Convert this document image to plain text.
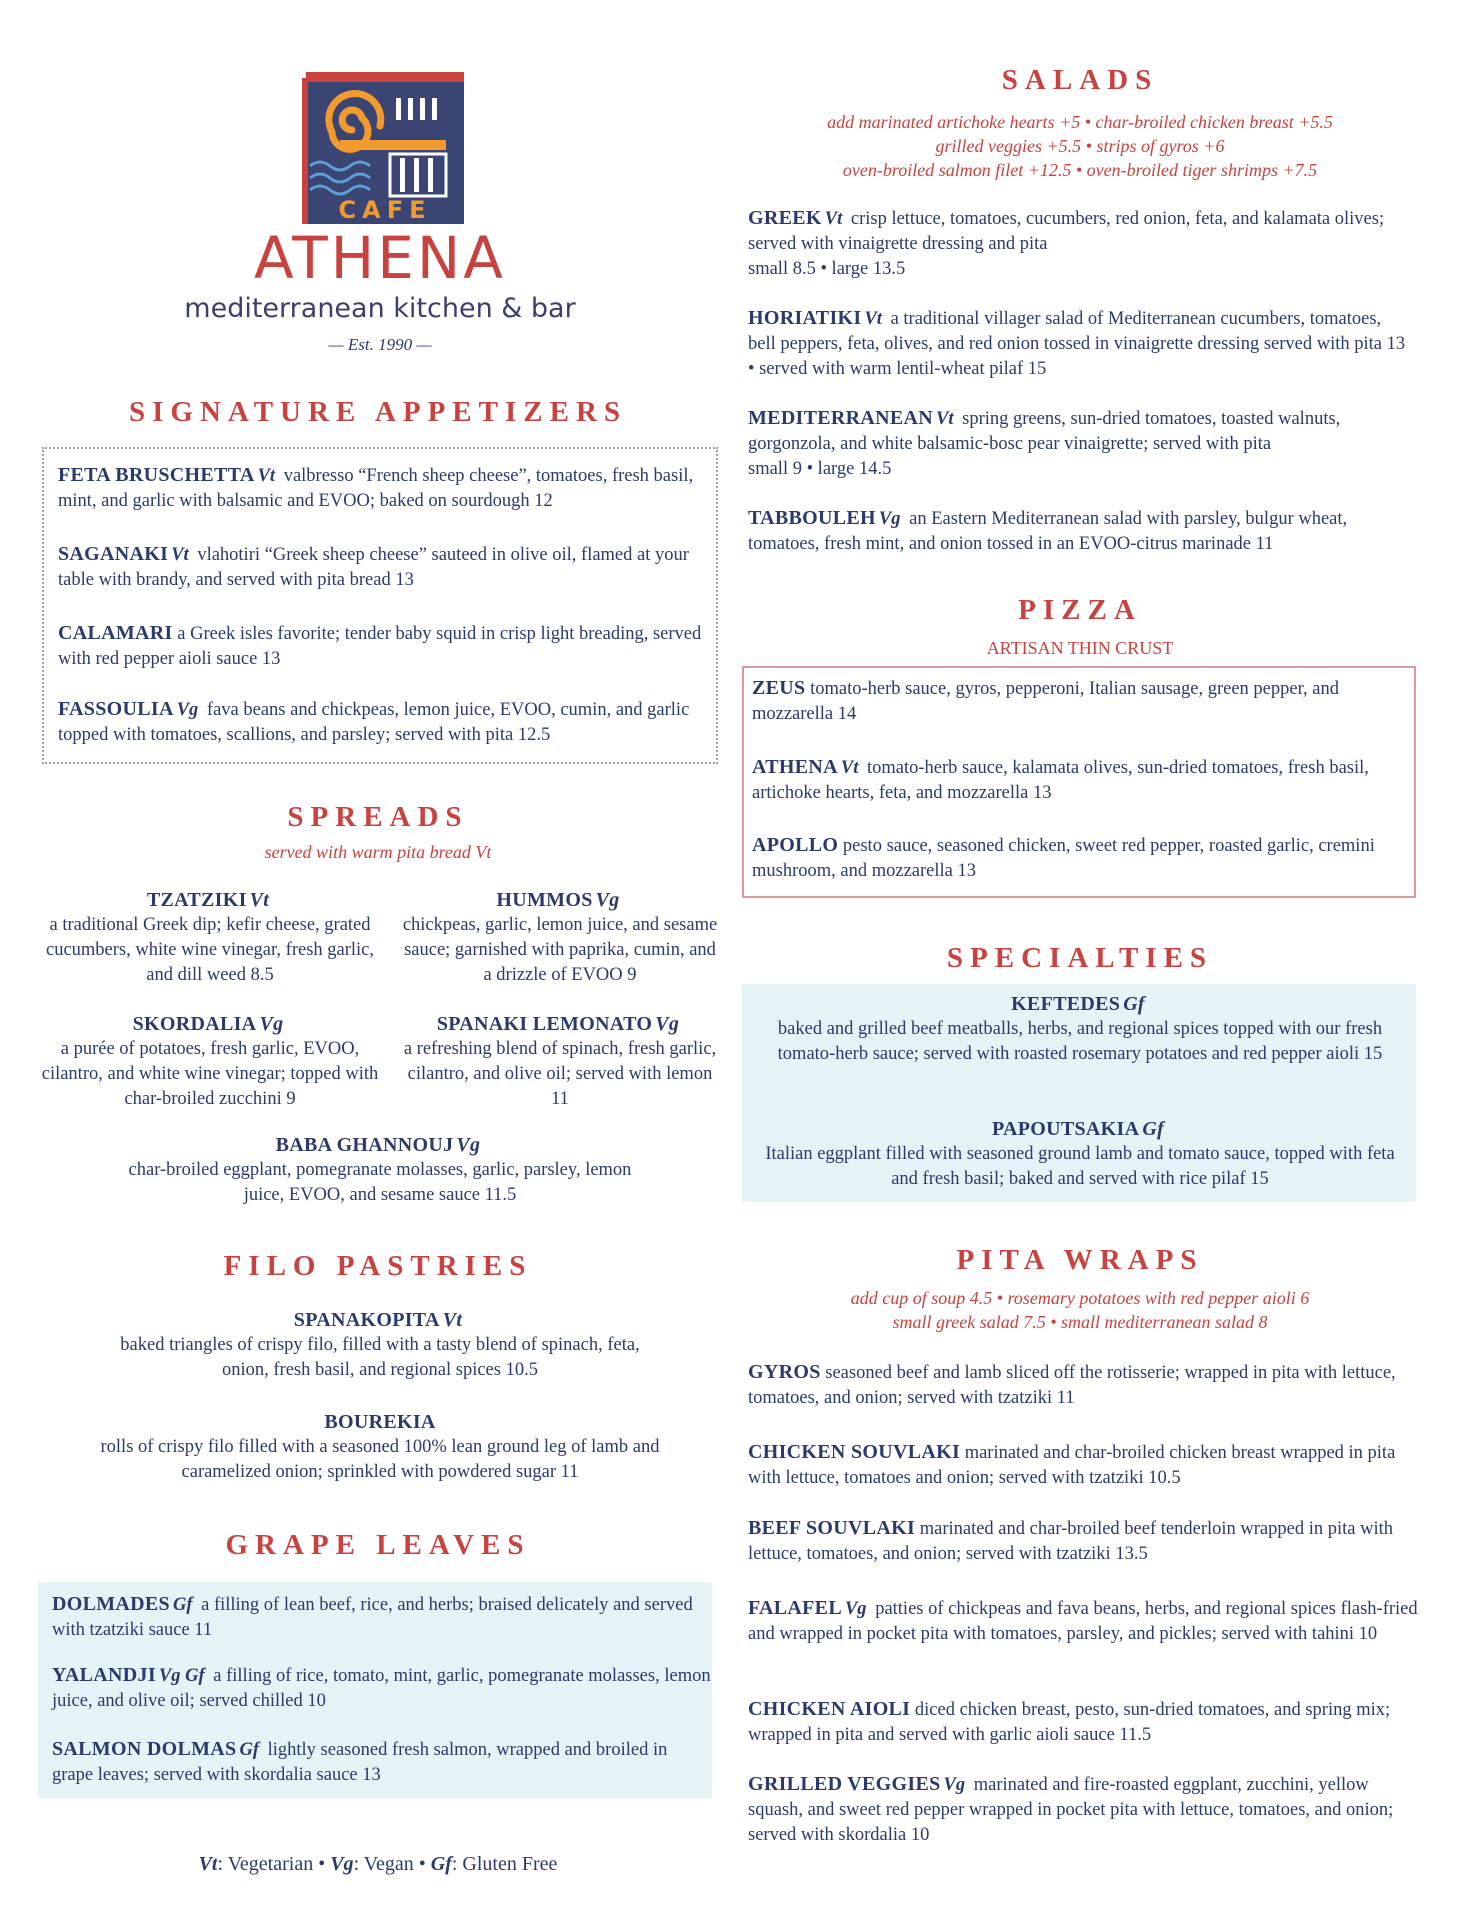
CAFE
ATHENA
mediterranean kitchen & bar
— Est. 1990 —
SIGNATURE APPETIZERS
FETA BRUSCHETTA Vt valbresso “French sheep cheese”, tomatoes, fresh basil, mint, and garlic with balsamic and EVOO; baked on sourdough 12
SAGANAKI Vt vlahotiri “Greek sheep cheese” sauteed in olive oil, flamed at your table with brandy, and served with pita bread 13
CALAMARI a Greek isles favorite; tender baby squid in crisp light breading, served with red pepper aioli sauce 13
FASSOULIA Vg fava beans and chickpeas, lemon juice, EVOO, cumin, and garlic topped with tomatoes, scallions, and parsley; served with pita 12.5
SPREADS
served with warm pita bread Vt
TZATZIKI Vt
a traditional Greek dip; kefir cheese, grated cucumbers, white wine vinegar, fresh garlic, and dill weed 8.5
HUMMOS Vg
chickpeas, garlic, lemon juice, and sesame sauce; garnished with paprika, cumin, and a drizzle of EVOO 9
SKORDALIA Vg
a purée of potatoes, fresh garlic, EVOO, cilantro, and white wine vinegar; topped with char-broiled zucchini 9
SPANAKI LEMONATO Vg
a refreshing blend of spinach, fresh garlic, cilantro, and olive oil; served with lemon 11
BABA GHANNOUJ Vg
char-broiled eggplant, pomegranate molasses, garlic, parsley, lemon juice, EVOO, and sesame sauce 11.5
FILO PASTRIES
SPANAKOPITA Vt
baked triangles of crispy filo, filled with a tasty blend of spinach, feta, onion, fresh basil, and regional spices 10.5
BOUREKIA
rolls of crispy filo filled with a seasoned 100% lean ground leg of lamb and caramelized onion; sprinkled with powdered sugar 11
GRAPE LEAVES
DOLMADES Gf a filling of lean beef, rice, and herbs; braised delicately and served with tzatziki sauce 11
YALANDJI Vg Gf a filling of rice, tomato, mint, garlic, pomegranate molasses, lemon juice, and olive oil; served chilled 10
SALMON DOLMAS Gf lightly seasoned fresh salmon, wrapped and broiled in grape leaves; served with skordalia sauce 13
Vt: Vegetarian • Vg: Vegan • Gf: Gluten Free
SALADS
add marinated artichoke hearts +5 • char-broiled chicken breast +5.5
grilled veggies +5.5 • strips of gyros +6
oven-broiled salmon filet +12.5 • oven-broiled tiger shrimps +7.5
GREEK Vt crisp lettuce, tomatoes, cucumbers, red onion, feta, and kalamata olives; served with vinaigrette dressing and pita
small 8.5 • large 13.5
HORIATIKI Vt a traditional villager salad of Mediterranean cucumbers, tomatoes, bell peppers, feta, olives, and red onion tossed in vinaigrette dressing served with pita 13 • served with warm lentil-wheat pilaf 15
MEDITERRANEAN Vt spring greens, sun-dried tomatoes, toasted walnuts, gorgonzola, and white balsamic-bosc pear vinaigrette; served with pita
small 9 • large 14.5
TABBOULEH Vg an Eastern Mediterranean salad with parsley, bulgur wheat, tomatoes, fresh mint, and onion tossed in an EVOO-citrus marinade 11
PIZZA
ARTISAN THIN CRUST
ZEUS tomato-herb sauce, gyros, pepperoni, Italian sausage, green pepper, and mozzarella 14
ATHENA Vt tomato-herb sauce, kalamata olives, sun-dried tomatoes, fresh basil, artichoke hearts, feta, and mozzarella 13
APOLLO pesto sauce, seasoned chicken, sweet red pepper, roasted garlic, cremini mushroom, and mozzarella 13
SPECIALTIES
KEFTEDES Gf
baked and grilled beef meatballs, herbs, and regional spices topped with our fresh tomato-herb sauce; served with roasted rosemary potatoes and red pepper aioli 15
PAPOUTSAKIA Gf
Italian eggplant filled with seasoned ground lamb and tomato sauce, topped with feta and fresh basil; baked and served with rice pilaf 15
PITA WRAPS
add cup of soup 4.5 • rosemary potatoes with red pepper aioli 6
small greek salad 7.5 • small mediterranean salad 8
GYROS seasoned beef and lamb sliced off the rotisserie; wrapped in pita with lettuce, tomatoes, and onion; served with tzatziki 11
CHICKEN SOUVLAKI marinated and char-broiled chicken breast wrapped in pita with lettuce, tomatoes and onion; served with tzatziki 10.5
BEEF SOUVLAKI marinated and char-broiled beef tenderloin wrapped in pita with lettuce, tomatoes, and onion; served with tzatziki 13.5
FALAFEL Vg patties of chickpeas and fava beans, herbs, and regional spices flash-fried and wrapped in pocket pita with tomatoes, parsley, and pickles; served with tahini 10
CHICKEN AIOLI diced chicken breast, pesto, sun-dried tomatoes, and spring mix; wrapped in pita and served with garlic aioli sauce 11.5
GRILLED VEGGIES Vg marinated and fire-roasted eggplant, zucchini, yellow squash, and sweet red pepper wrapped in pocket pita with lettuce, tomatoes, and onion; served with skordalia 10
